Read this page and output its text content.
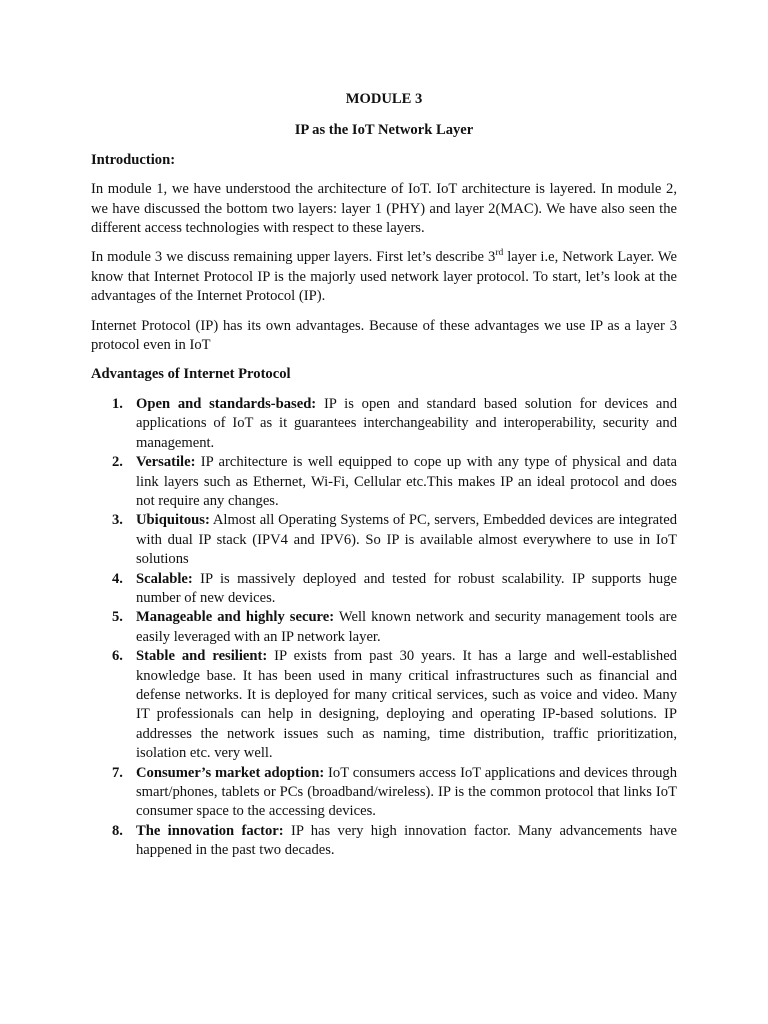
MODULE 3

IP as the IoT Network Layer

Introduction:

In module 1, we have understood the architecture of IoT. IoT architecture is layered. In module 2, we have discussed the bottom two layers: layer 1 (PHY) and layer 2(MAC). We have also seen the different access technologies with respect to these layers.

In module 3 we discuss remaining upper layers. First let’s describe 3rd layer i.e, Network Layer. We know that Internet Protocol IP is the majorly used network layer protocol. To start, let’s look at the advantages of the Internet Protocol (IP).

Internet Protocol (IP) has its own advantages. Because of these advantages we use IP as a layer 3 protocol even in IoT

Advantages of Internet Protocol

1. Open and standards-based: IP is open and standard based solution for devices and applications of IoT as it guarantees interchangeability and interoperability, security and management.
2. Versatile: IP architecture is well equipped to cope up with any type of physical and data link layers such as Ethernet, Wi-Fi, Cellular etc.This makes IP an ideal protocol and does not require any changes.
3. Ubiquitous: Almost all Operating Systems of PC, servers, Embedded devices are integrated with dual IP stack (IPV4 and IPV6). So IP is available almost everywhere to use in IoT solutions
4. Scalable: IP is massively deployed and tested for robust scalability. IP supports huge number of new devices.
5. Manageable and highly secure: Well known network and security management tools are easily leveraged with an IP network layer.
6. Stable and resilient: IP exists from past 30 years. It has a large and well-established knowledge base. It has been used in many critical infrastructures such as financial and defense networks. It is deployed for many critical services, such as voice and video. Many IT professionals can help in designing, deploying and operating IP-based solutions. IP addresses the network issues such as naming, time distribution, traffic prioritization, isolation etc. very well.
7. Consumer’s market adoption: IoT consumers access IoT applications and devices through smart/phones, tablets or PCs (broadband/wireless). IP is the common protocol that links IoT consumer space to the accessing devices.
8. The innovation factor: IP has very high innovation factor. Many advancements have happened in the past two decades.
